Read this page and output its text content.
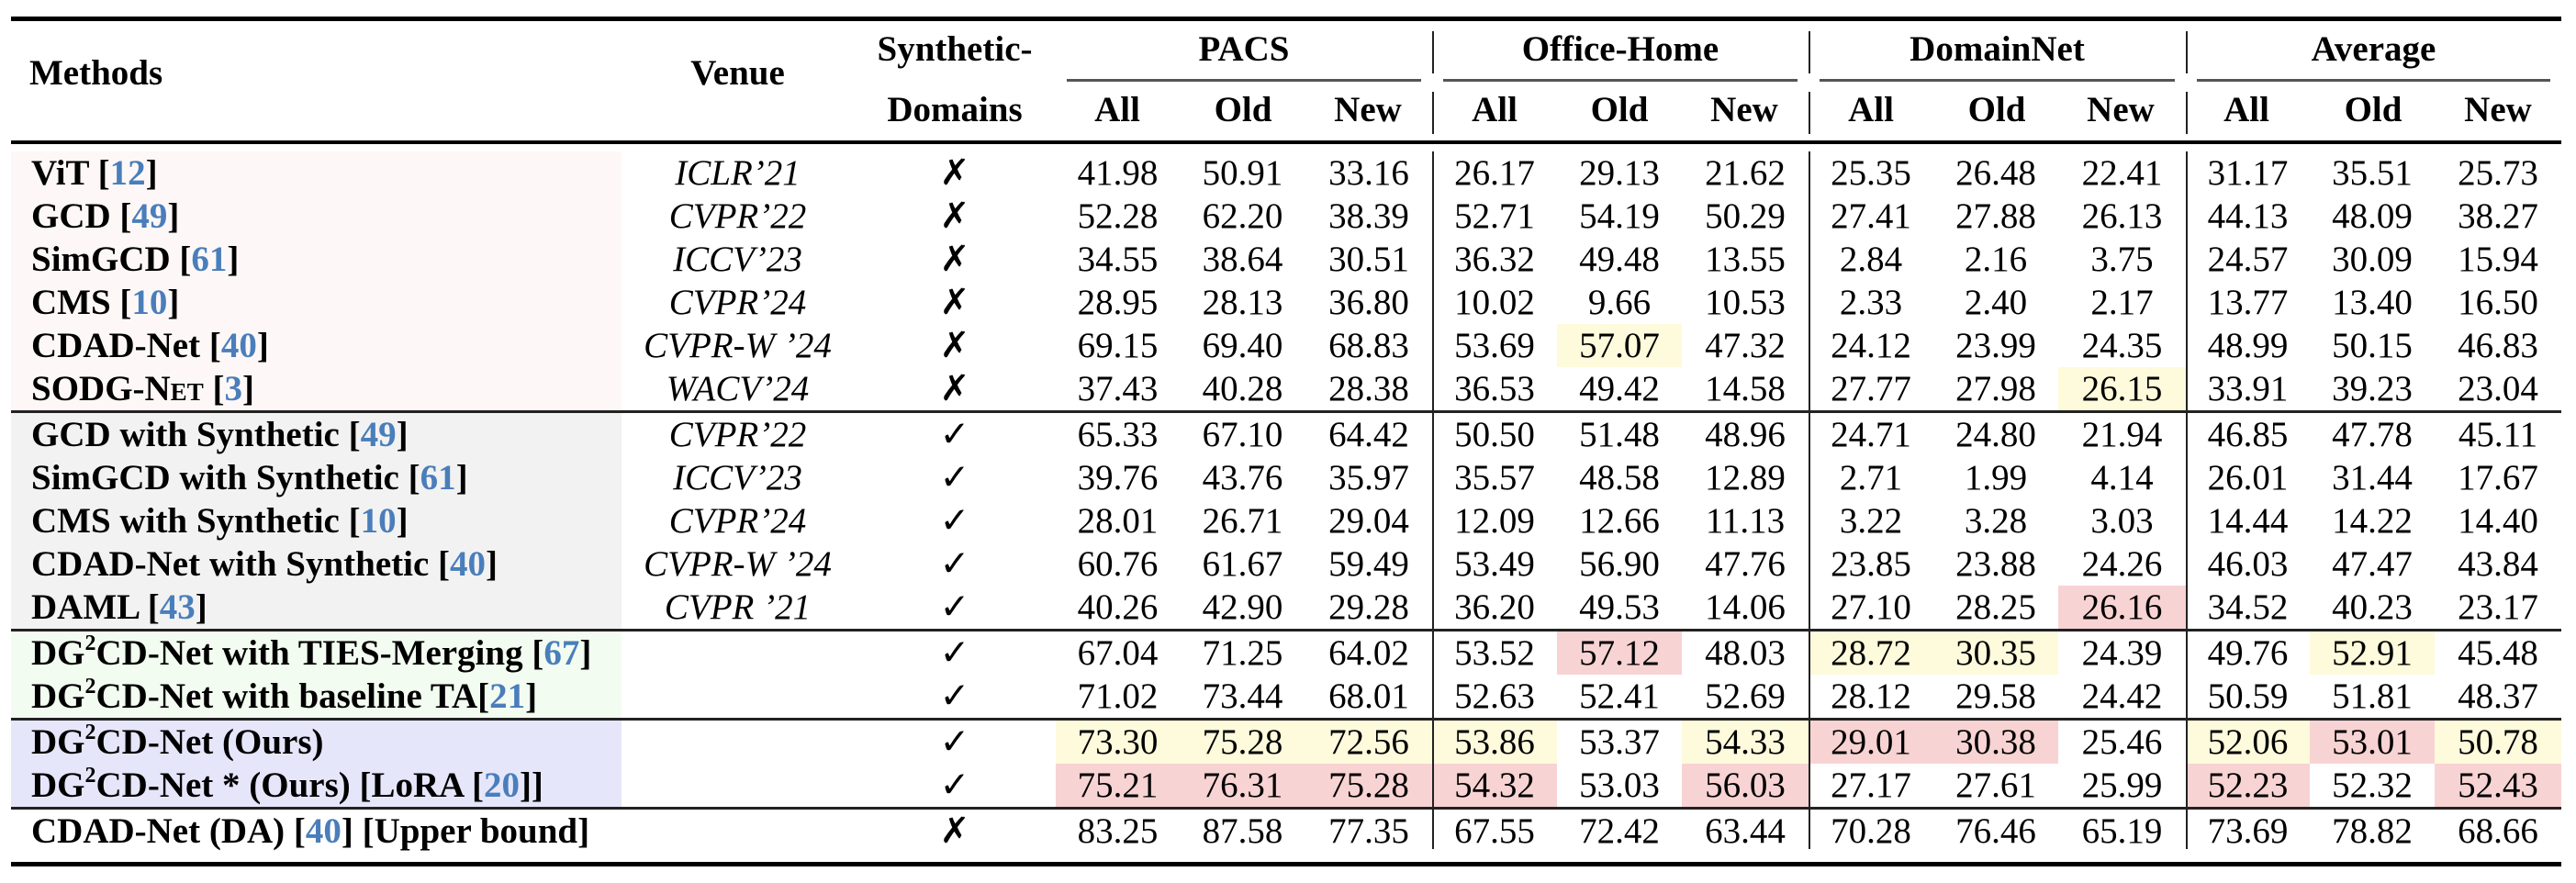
Methods	Venue
Synthetic-
Domains
PACS
All	Old	New
Office-Home
All	Old	New
DomainNet
All	Old	New
Average
All	Old	New
ViT [12]	ICLR’21	✗	41.98	50.91	33.16	26.17	29.13	21.62	25.35	26.48	22.41	31.17	35.51	25.73
GCD [49]	CVPR’22	✗	52.28	62.20	38.39	52.71	54.19	50.29	27.41	27.88	26.13	44.13	48.09	38.27
SimGCD [61]	ICCV’23	✗	34.55	38.64	30.51	36.32	49.48	13.55	2.84	2.16	3.75	24.57	30.09	15.94
CMS [10]	CVPR’24	✗	28.95	28.13	36.80	10.02	9.66	10.53	2.33	2.40	2.17	13.77	13.40	16.50
CDAD-Net [40]	CVPR-W ’24	✗	69.15	69.40	68.83	53.69	57.07	47.32	24.12	23.99	24.35	48.99	50.15	46.83
SODG-Net [3]	WACV’24	✗	37.43	40.28	28.38	36.53	49.42	14.58	27.77	27.98	26.15	33.91	39.23	23.04
GCD with Synthetic [49]	CVPR’22	✓	65.33	67.10	64.42	50.50	51.48	48.96	24.71	24.80	21.94	46.85	47.78	45.11
SimGCD with Synthetic [61]	ICCV’23	✓	39.76	43.76	35.97	35.57	48.58	12.89	2.71	1.99	4.14	26.01	31.44	17.67
CMS with Synthetic [10]	CVPR’24	✓	28.01	26.71	29.04	12.09	12.66	11.13	3.22	3.28	3.03	14.44	14.22	14.40
CDAD-Net with Synthetic [40]	CVPR-W ’24	✓	60.76	61.67	59.49	53.49	56.90	47.76	23.85	23.88	24.26	46.03	47.47	43.84
DAML [43]	CVPR ’21	✓	40.26	42.90	29.28	36.20	49.53	14.06	27.10	28.25	26.16	34.52	40.23	23.17
$DG^2CD$-Net with TIES-Merging [67]		✓	67.04	71.25	64.02	53.52	57.12	48.03	28.72	30.35	24.39	49.76	52.91	45.48
$DG^2CD$-Net with baseline TA[21]		✓	71.02	73.44	68.01	52.63	52.41	52.69	28.12	29.58	24.42	50.59	51.81	48.37
$DG^2CD$-Net (Ours)		✓	73.30	75.28	72.56	53.86	53.37	54.33	29.01	30.38	25.46	52.06	53.01	50.78
$DG^2CD$-Net * (Ours) [LoRA [20]]		✓	75.21	76.31	75.28	54.32	53.03	56.03	27.17	27.61	25.99	52.23	52.32	52.43
CDAD-Net (DA) [40] [Upper bound]		✗	83.25	87.58	77.35	67.55	72.42	63.44	70.28	76.46	65.19	73.69	78.82	68.66
